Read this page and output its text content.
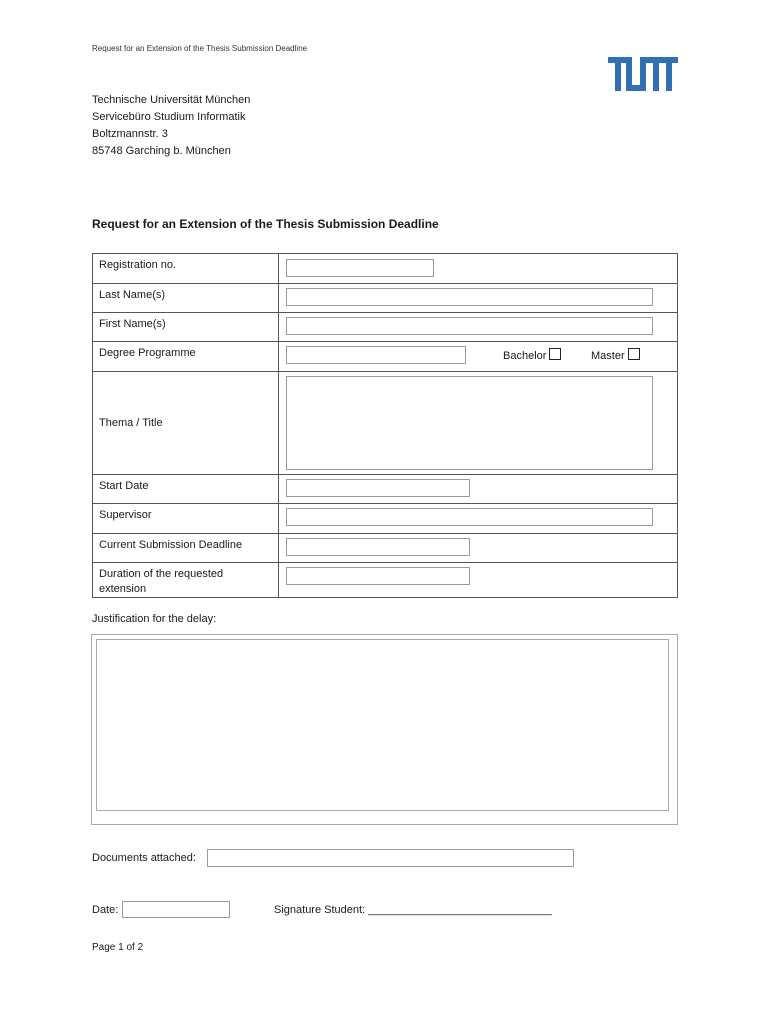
Request for an Extension of the Thesis Submission Deadline
Technische Universität München
Servicebüro Studium Informatik
Boltzmannstr. 3
85748 Garching b. München
Request for an Extension of the Thesis Submission Deadline
Registration no.	

Last Name(s)	

First Name(s)	

Degree Programme	Bachelor Master

Thema / Title	

Start Date	

Supervisor	

Current Submission Deadline	

Duration of the requested
extension	

Justification for the delay:
Documents attached:
Date:	Signature Student: ______________________________
Page 1 of 2
